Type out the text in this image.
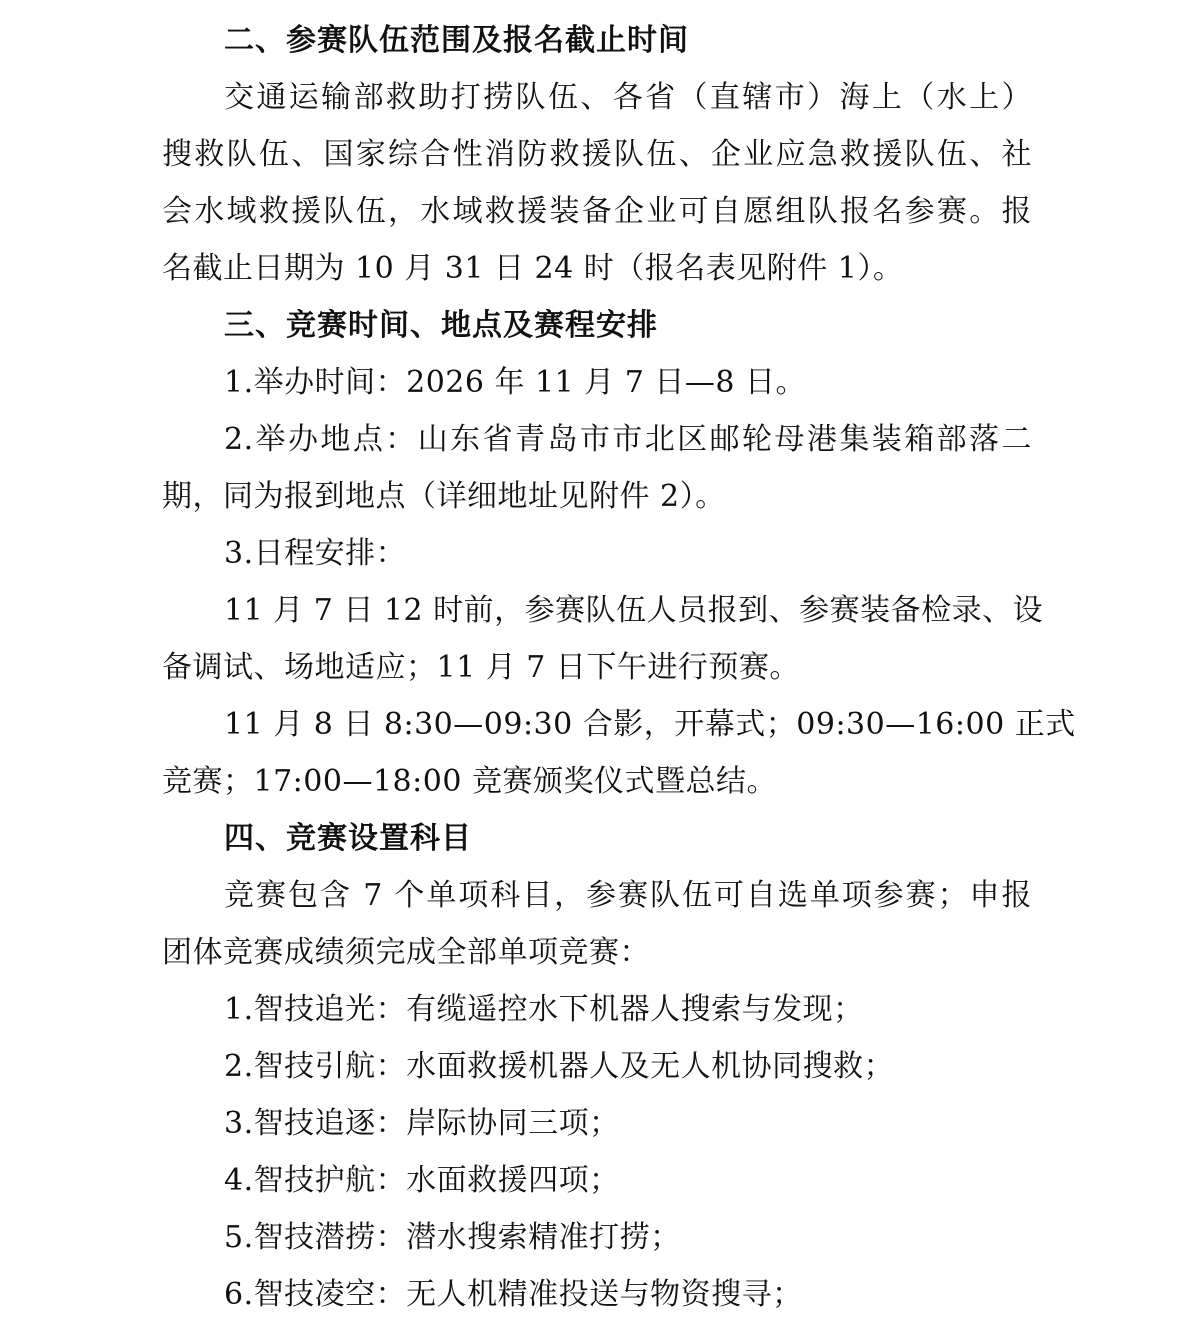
二、参赛队伍范围及报名截止时间
交通运输部救助打捞队伍、各省（直辖市）海上（水上）
搜救队伍、国家综合性消防救援队伍、企业应急救援队伍、社
会水域救援队伍，水域救援装备企业可自愿组队报名参赛。报
名截止日期为 10 月 31 日 24 时（报名表见附件 1）。
三、竞赛时间、地点及赛程安排
1.举办时间：2026 年 11 月 7 日—8 日。
2.举办地点：山东省青岛市市北区邮轮母港集装箱部落二
期，同为报到地点（详细地址见附件 2）。
3.日程安排：
11 月 7 日 12 时前，参赛队伍人员报到、参赛装备检录、设
备调试、场地适应；11 月 7 日下午进行预赛。
11 月 8 日 8:30—09:30 合影，开幕式；09:30—16:00 正式
竞赛；17:00—18:00 竞赛颁奖仪式暨总结。
四、竞赛设置科目
竞赛包含 7 个单项科目，参赛队伍可自选单项参赛；申报
团体竞赛成绩须完成全部单项竞赛：
1.智技追光：有缆遥控水下机器人搜索与发现；
2.智技引航：水面救援机器人及无人机协同搜救；
3.智技追逐：岸际协同三项；
4.智技护航：水面救援四项；
5.智技潜捞：潜水搜索精准打捞；
6.智技凌空：无人机精准投送与物资搜寻；
